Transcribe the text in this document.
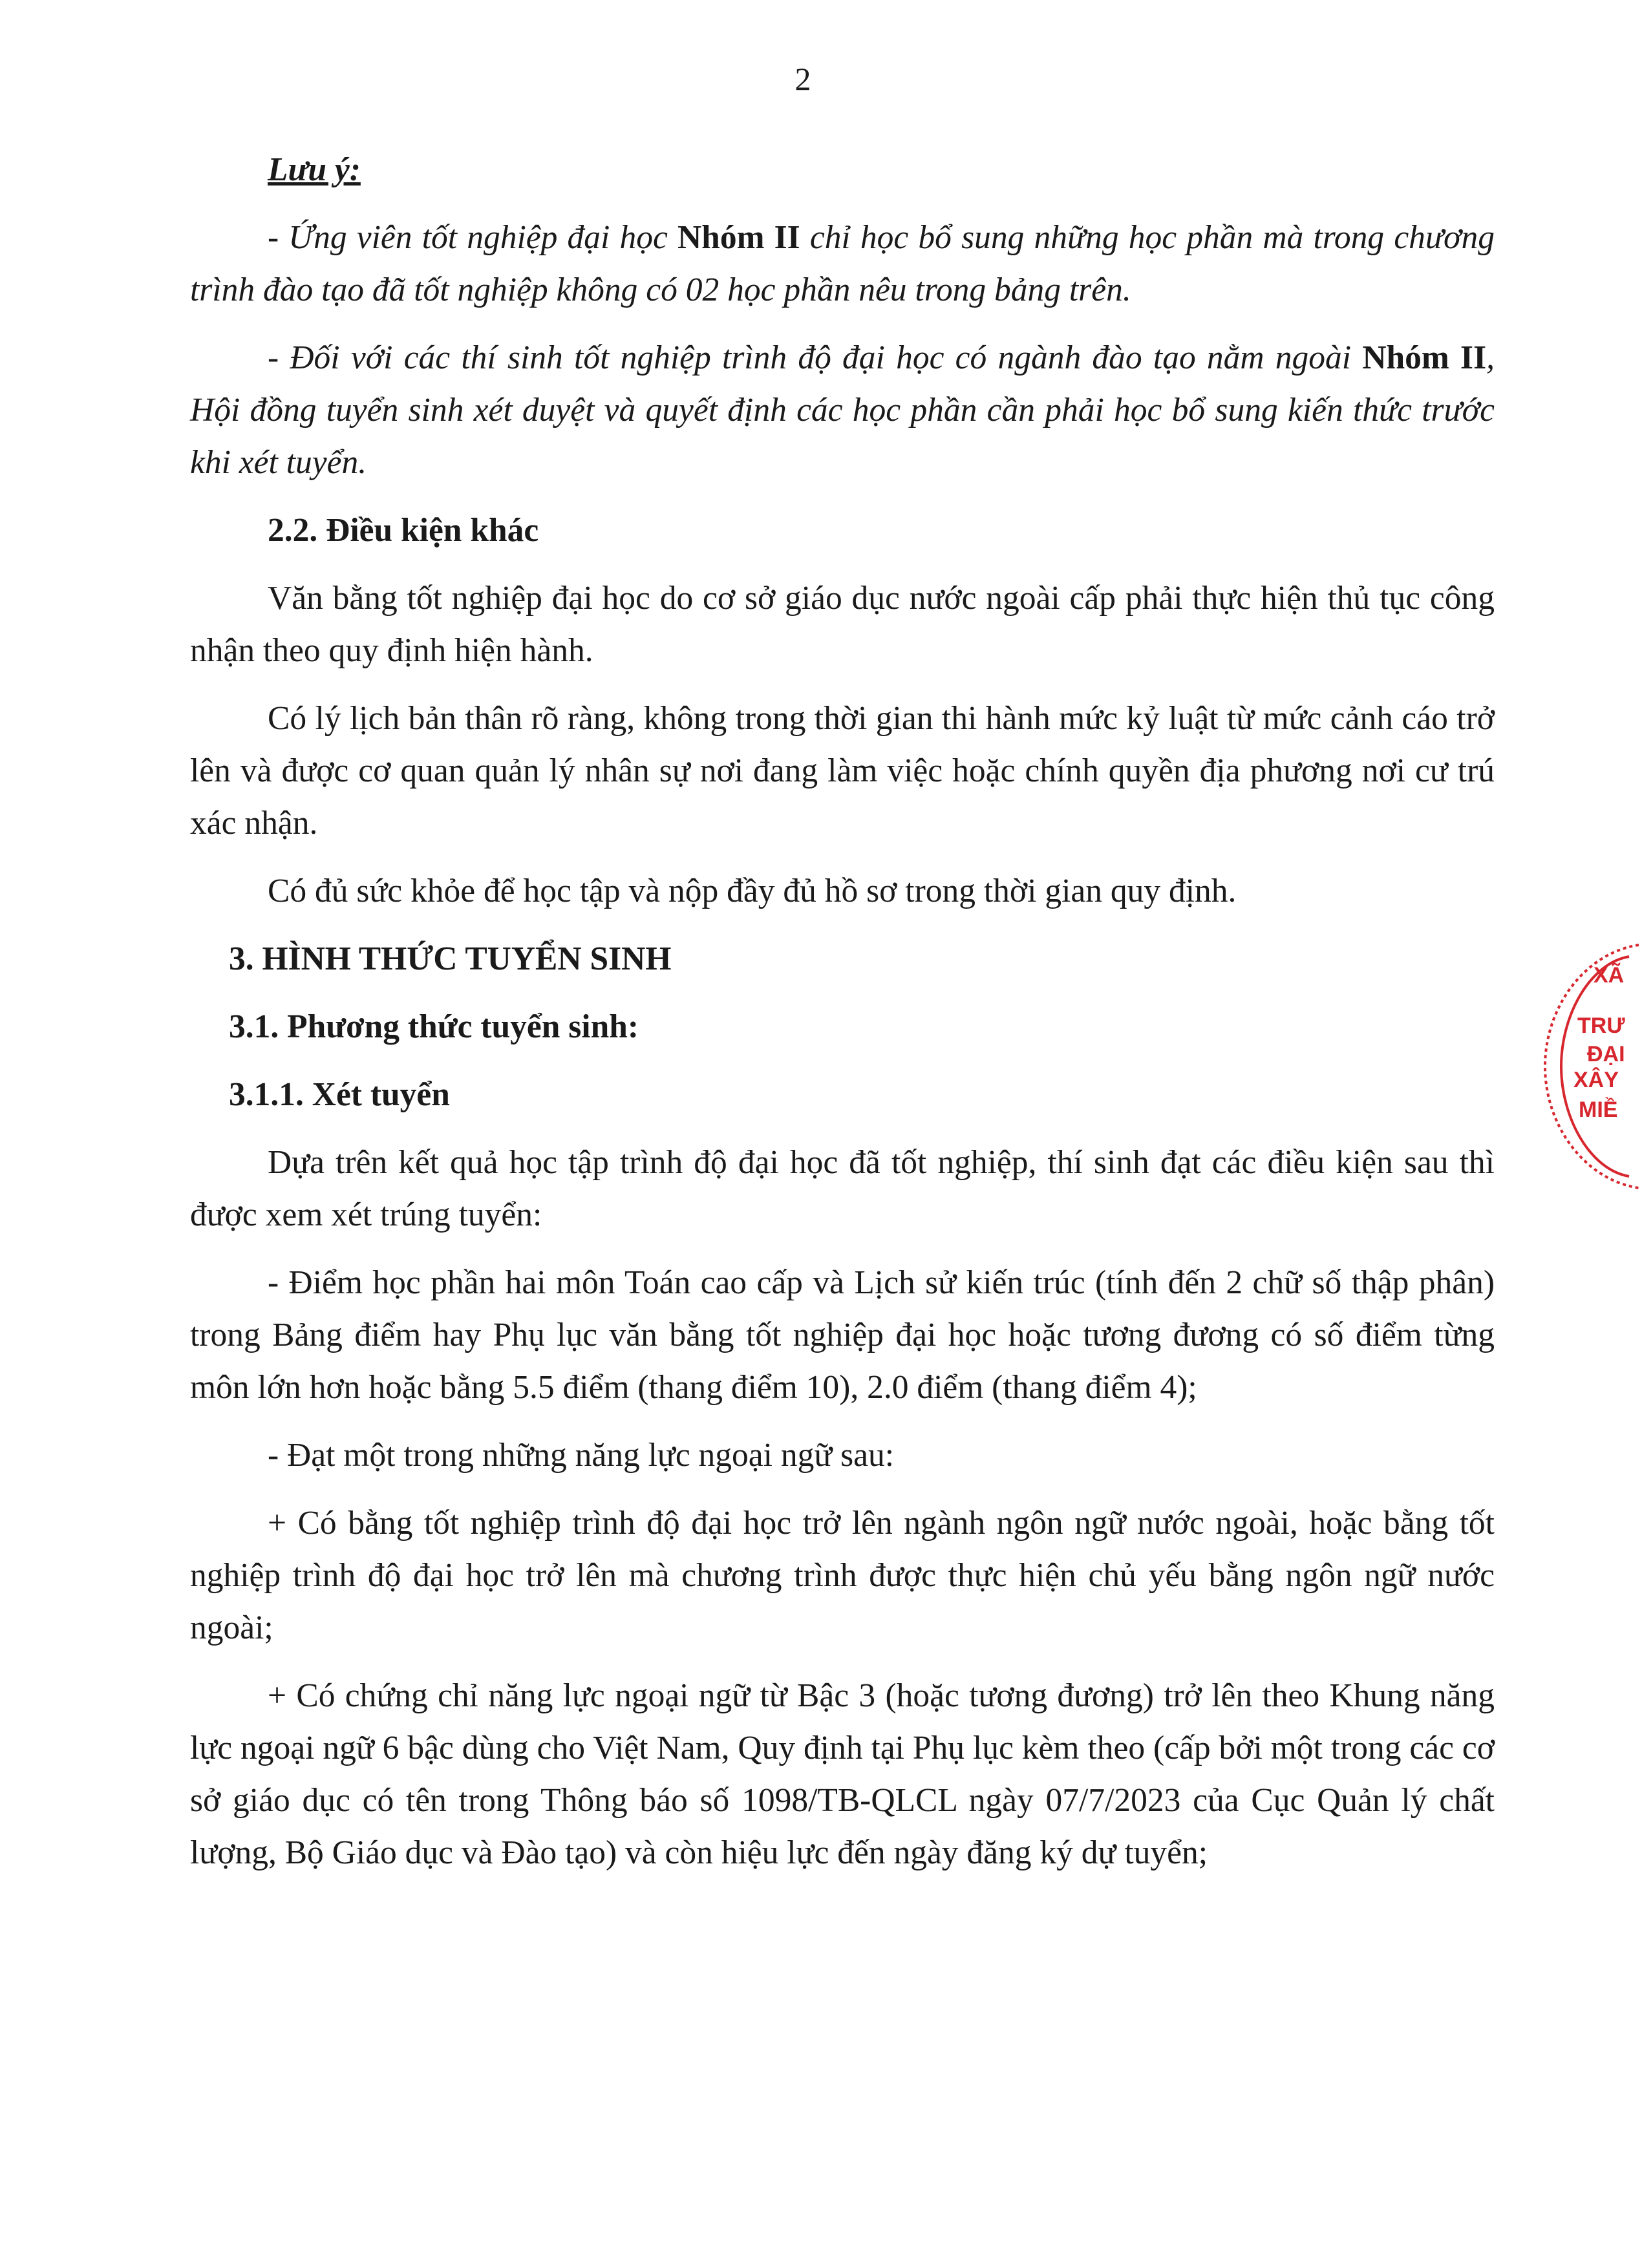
2

Lưu ý:

- Ứng viên tốt nghiệp đại học Nhóm II chỉ học bổ sung những học phần mà trong chương trình đào tạo đã tốt nghiệp không có 02 học phần nêu trong bảng trên.

- Đối với các thí sinh tốt nghiệp trình độ đại học có ngành đào tạo nằm ngoài Nhóm II, Hội đồng tuyển sinh xét duyệt và quyết định các học phần cần phải học bổ sung kiến thức trước khi xét tuyển.

2.2. Điều kiện khác

Văn bằng tốt nghiệp đại học do cơ sở giáo dục nước ngoài cấp phải thực hiện thủ tục công nhận theo quy định hiện hành.

Có lý lịch bản thân rõ ràng, không trong thời gian thi hành mức kỷ luật từ mức cảnh cáo trở lên và được cơ quan quản lý nhân sự nơi đang làm việc hoặc chính quyền địa phương nơi cư trú xác nhận.

Có đủ sức khỏe để học tập và nộp đầy đủ hồ sơ trong thời gian quy định.

3. HÌNH THỨC TUYỂN SINH

3.1. Phương thức tuyển sinh:

3.1.1. Xét tuyển

Dựa trên kết quả học tập trình độ đại học đã tốt nghiệp, thí sinh đạt các điều kiện sau thì được xem xét trúng tuyển:

- Điểm học phần hai môn Toán cao cấp và Lịch sử kiến trúc (tính đến 2 chữ số thập phân) trong Bảng điểm hay Phụ lục văn bằng tốt nghiệp đại học hoặc tương đương có số điểm từng môn lớn hơn hoặc bằng 5.5 điểm (thang điểm 10), 2.0 điểm (thang điểm 4);

- Đạt một trong những năng lực ngoại ngữ sau:

+ Có bằng tốt nghiệp trình độ đại học trở lên ngành ngôn ngữ nước ngoài, hoặc bằng tốt nghiệp trình độ đại học trở lên mà chương trình được thực hiện chủ yếu bằng ngôn ngữ nước ngoài;

+ Có chứng chỉ năng lực ngoại ngữ từ Bậc 3 (hoặc tương đương) trở lên theo Khung năng lực ngoại ngữ 6 bậc dùng cho Việt Nam, Quy định tại Phụ lục kèm theo (cấp bởi một trong các cơ sở giáo dục có tên trong Thông báo số 1098/TB-QLCL ngày 07/7/2023 của Cục Quản lý chất lượng, Bộ Giáo dục và Đào tạo) và còn hiệu lực đến ngày đăng ký dự tuyển;

XÃ
TRƯ
ĐẠI
XÂY
MIỀ
